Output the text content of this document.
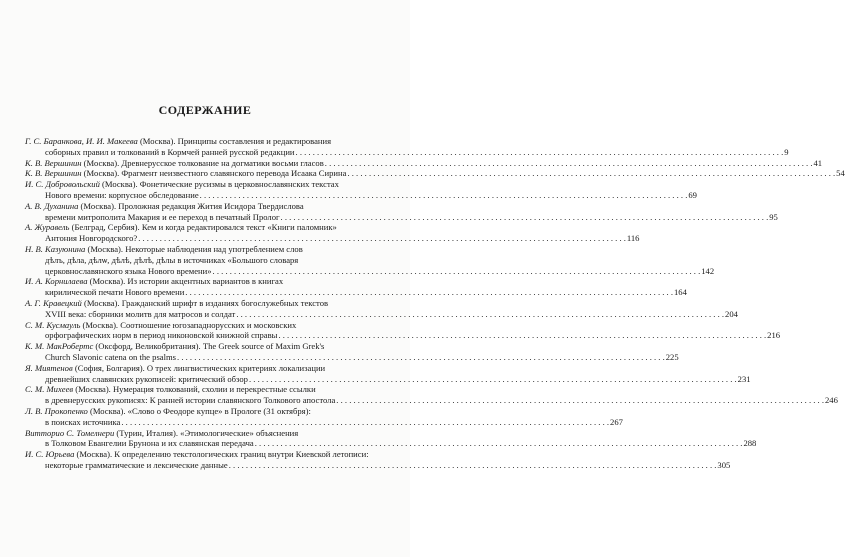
СОДЕРЖАНИЕ
Г. С. Баранкова, И. И. Макеева (Москва). Принципы составления и редактирования
соборных правил и толкований в Кормчей ранней русской редакции . . .	9
К. В. Вершинин (Москва). Древнерусское толкование на догматики восьми гласов . . .	41
К. В. Вершинин (Москва). Фрагмент неизвестного славянского перевода Исаака Сирина . . .	54
И. С. Добровольский (Москва). Фонетические русизмы в церковнославянских текстах
Нового времени: корпусное обследование . . .	69
А. В. Духанина (Москва). Проложная редакция Жития Исидора Твердислова
времени митрополита Макария и ее переход в печатный Пролог . . .	95
А. Журавель (Белград, Сербия). Кем и когда редактировался текст «Книги паломник»
Антония Новгородского? . . .	116
Н. В. Казуюнина (Москва). Некоторые наблюдения над употреблением слов
дѣлъ, дѣла, дѣлѡ, дѣлѣ, дѣлѣ, дѣлы в источниках «Большого словаря
церковнославянского языка Нового времени» . . .	142
И. А. Корнилаева (Москва). Из истории акцентных вариантов в книгах
кирилической печати Нового времени . . .	164
А. Г. Кравецкий (Москва). Гражданский шрифт в изданиях богослужебных текстов
XVIII века: сборники молитв для матросов и солдат . . .	204
С. М. Кусмауль (Москва). Соотношение югозападнорусских и московских
орфографических норм в период никоновской книжной справы . . .	216
К. М. МакРобертс (Оксфорд, Великобритания). The Greek source of Maxim Grek's
Church Slavonic catena on the psalms . . .	225
Я. Миятенов (София, Болгария). О трех лингвистических критериях локализации
древнейших славянских рукописей: критический обзор . . .	231
С. М. Михеев (Москва). Нумерация толкований, схолии и перекрестные ссылки
в древнерусских рукописях: К ранней истории славянского Толкового апостола . . .	246
Л. В. Прокопенко (Москва). «Слово о Феодоре купце» в Прологе (31 октября):
в поисках источника . . .	267
Витторио С. Томелнери (Турин, Италия). «Этимологические» объяснения
в Толковом Евангелии Брунона и их славянская передача . . .	288
И. С. Юрьева (Москва). К определению текстологических границ внутри Киевской летописи:
некоторые грамматические и лексические данные . . .	305
